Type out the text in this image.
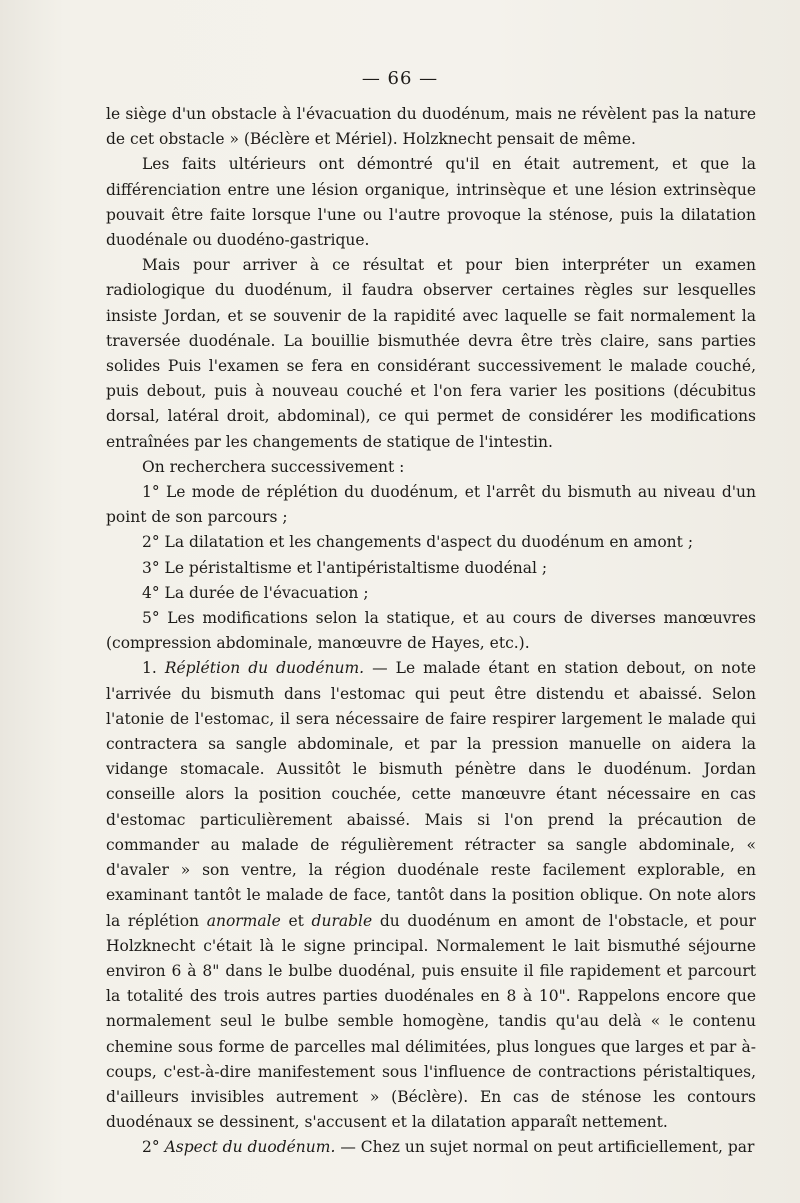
— 66 —

le siège d'un obstacle à l'évacuation du duodénum, mais ne révèlent pas la nature de cet obstacle » (Béclère et Mériel). Holzknecht pensait de même.

Les faits ultérieurs ont démontré qu'il en était autrement, et que la différenciation entre une lésion organique, intrinsèque et une lésion extrinsèque pouvait être faite lorsque l'une ou l'autre provoque la sténose, puis la dilatation duodénale ou duodéno-gastrique.

Mais pour arriver à ce résultat et pour bien interpréter un examen radiologique du duodénum, il faudra observer certaines règles sur lesquelles insiste Jordan, et se souvenir de la rapidité avec laquelle se fait normalement la traversée duodénale. La bouillie bismuthée devra être très claire, sans parties solides Puis l'examen se fera en considérant successivement le malade couché, puis debout, puis à nouveau couché et l'on fera varier les positions (décubitus dorsal, latéral droit, abdominal), ce qui permet de considérer les modifications entraînées par les changements de statique de l'intestin.

On recherchera successivement :

1° Le mode de réplétion du duodénum, et l'arrêt du bismuth au niveau d'un point de son parcours ;

2° La dilatation et les changements d'aspect du duodénum en amont ;

3° Le péristaltisme et l'antipéristaltisme duodénal ;

4° La durée de l'évacuation ;

5° Les modifications selon la statique, et au cours de diverses manœuvres (compression abdominale, manœuvre de Hayes, etc.).

1. Réplétion du duodénum. — Le malade étant en station debout, on note l'arrivée du bismuth dans l'estomac qui peut être distendu et abaissé. Selon l'atonie de l'estomac, il sera nécessaire de faire respirer largement le malade qui contractera sa sangle abdominale, et par la pression manuelle on aidera la vidange stomacale. Aussitôt le bismuth pénètre dans le duodénum. Jordan conseille alors la position couchée, cette manœuvre étant nécessaire en cas d'estomac particulièrement abaissé. Mais si l'on prend la précaution de commander au malade de régulièrement rétracter sa sangle abdominale, « d'avaler » son ventre, la région duodénale reste facilement explorable, en examinant tantôt le malade de face, tantôt dans la position oblique. On note alors la réplétion anormale et durable du duodénum en amont de l'obstacle, et pour Holzknecht c'était là le signe principal. Normalement le lait bismuthé séjourne environ 6 à 8" dans le bulbe duodénal, puis ensuite il file rapidement et parcourt la totalité des trois autres parties duodénales en 8 à 10". Rappelons encore que normalement seul le bulbe semble homogène, tandis qu'au delà « le contenu chemine sous forme de parcelles mal délimitées, plus longues que larges et par à-coups, c'est-à-dire manifestement sous l'influence de contractions péristaltiques, d'ailleurs invisibles autrement » (Béclère). En cas de sténose les contours duodénaux se dessinent, s'accusent et la dilatation apparaît nettement.

2° Aspect du duodénum. — Chez un sujet normal on peut artificiellement, par
